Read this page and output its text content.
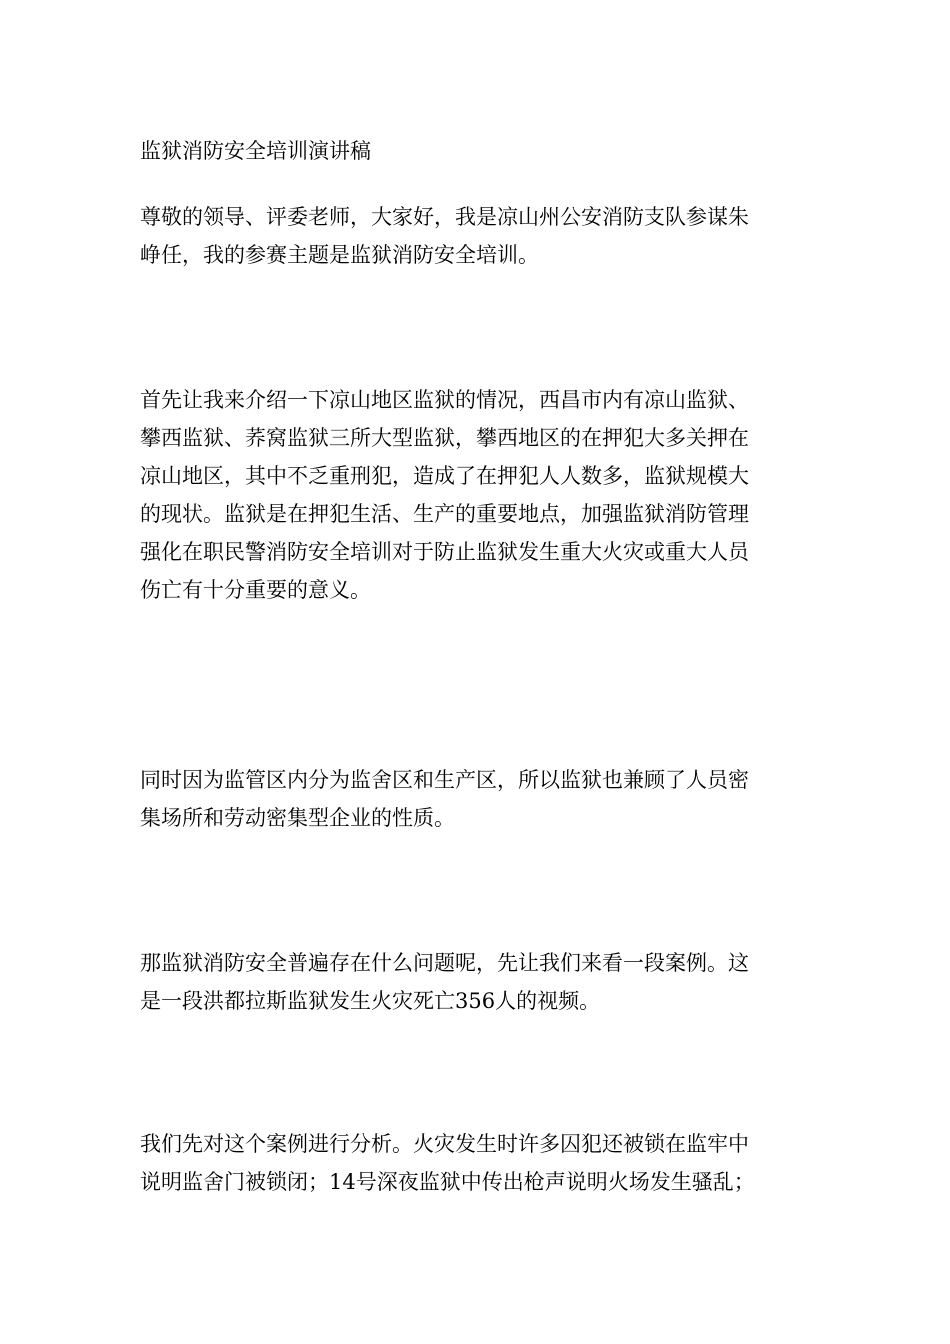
监狱消防安全培训演讲稿
尊敬的领导、评委老师，大家好，我是凉山州公安消防支队参谋朱
峥任，我的参赛主题是监狱消防安全培训。
首先让我来介绍一下凉山地区监狱的情况，西昌市内有凉山监狱、
攀西监狱、荞窝监狱三所大型监狱，攀西地区的在押犯大多关押在
凉山地区，其中不乏重刑犯，造成了在押犯人人数多，监狱规模大
的现状。监狱是在押犯生活、生产的重要地点，加强监狱消防管理
强化在职民警消防安全培训对于防止监狱发生重大火灾或重大人员
伤亡有十分重要的意义。
同时因为监管区内分为监舍区和生产区，所以监狱也兼顾了人员密
集场所和劳动密集型企业的性质。
那监狱消防安全普遍存在什么问题呢，先让我们来看一段案例。这
是一段洪都拉斯监狱发生火灾死亡356人的视频。
我们先对这个案例进行分析。火灾发生时许多囚犯还被锁在监牢中
说明监舍门被锁闭；14号深夜监狱中传出枪声说明火场发生骚乱；
